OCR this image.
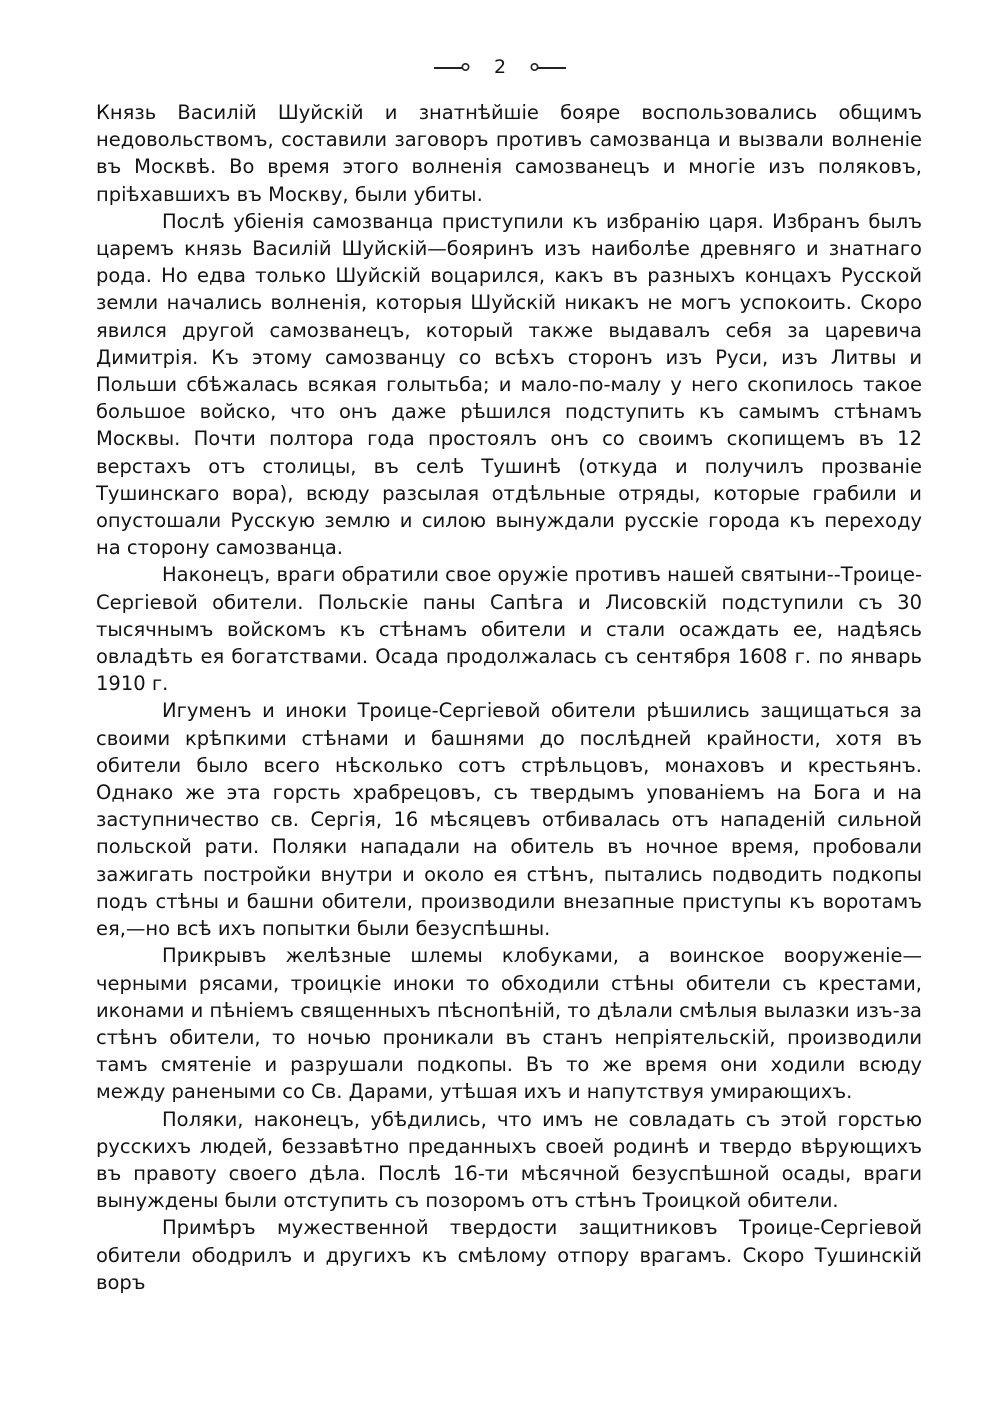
2

Князь Василій Шуйскій и знатнѣйшіе бояре воспользовались общимъ недовольствомъ, составили заговоръ противъ самозванца и вызвали волненіе въ Москвѣ. Во время этого волненія самозванецъ и многіе изъ поляковъ, пріѣхавшихъ въ Москву, были убиты.

Послѣ убіенія самозванца приступили къ избранію царя. Избранъ былъ царемъ князь Василій Шуйскій—бояринъ изъ наиболѣе древняго и знатнаго рода. Но едва только Шуйскій воцарился, какъ въ разныхъ концахъ Русской земли начались волненія, которыя Шуйскій никакъ не могъ успокоить. Скоро явился другой самозванецъ, который также выдавалъ себя за царевича Димитрія. Къ этому самозванцу со всѣхъ сторонъ изъ Руси, изъ Литвы и Польши сбѣжалась всякая голытьба; и мало-по-малу у него скопилось такое большое войско, что онъ даже рѣшился подступить къ самымъ стѣнамъ Москвы. Почти полтора года простоялъ онъ со своимъ скопищемъ въ 12 верстахъ отъ столицы, въ селѣ Тушинѣ (откуда и получилъ прозваніе Тушинскаго вора), всюду разсылая отдѣльные отряды, которые грабили и опустошали Русскую землю и силою вынуждали русскіе города къ переходу на сторону самозванца.

Наконецъ, враги обратили свое оружіе противъ нашей святыни--Троице-Сергіевой обители. Польскіе паны Сапѣга и Лисовскій подступили съ 30 тысячнымъ войскомъ къ стѣнамъ обители и стали осаждать ее, надѣясь овладѣть ея богатствами. Осада продолжалась съ сентября 1608 г. по январь 1910 г.

Игуменъ и иноки Троице-Сергіевой обители рѣшились защищаться за своими крѣпкими стѣнами и башнями до послѣдней крайности, хотя въ обители было всего нѣсколько сотъ стрѣльцовъ, монаховъ и крестьянъ. Однако же эта горсть храбрецовъ, съ твердымъ упованіемъ на Бога и на заступничество св. Сергія, 16 мѣсяцевъ отбивалась отъ нападеній сильной польской рати. Поляки нападали на обитель въ ночное время, пробовали зажигать постройки внутри и около ея стѣнъ, пытались подводить подкопы подъ стѣны и башни обители, производили внезапные приступы къ воротамъ ея,—но всѣ ихъ попытки были безуспѣшны.

Прикрывъ желѣзные шлемы клобуками, а воинское вооруженіе—черными рясами, троицкіе иноки то обходили стѣны обители съ крестами, иконами и пѣніемъ священныхъ пѣснопѣній, то дѣлали смѣлыя вылазки изъ-за стѣнъ обители, то ночью проникали въ станъ непріятельскій, производили тамъ смятеніе и разрушали подкопы. Въ то же время они ходили всюду между ранеными со Св. Дарами, утѣшая ихъ и напутствуя умирающихъ.

Поляки, наконецъ, убѣдились, что имъ не совладать съ этой горстью русскихъ людей, беззавѣтно преданныхъ своей родинѣ и твердо вѣрующихъ въ правоту своего дѣла. Послѣ 16-ти мѣсячной безуспѣшной осады, враги вынуждены были отступить съ позоромъ отъ стѣнъ Троицкой обители.

Примѣръ мужественной твердости защитниковъ Троице-Сергіевой обители ободрилъ и другихъ къ смѣлому отпору врагамъ. Скоро Тушинскій воръ
